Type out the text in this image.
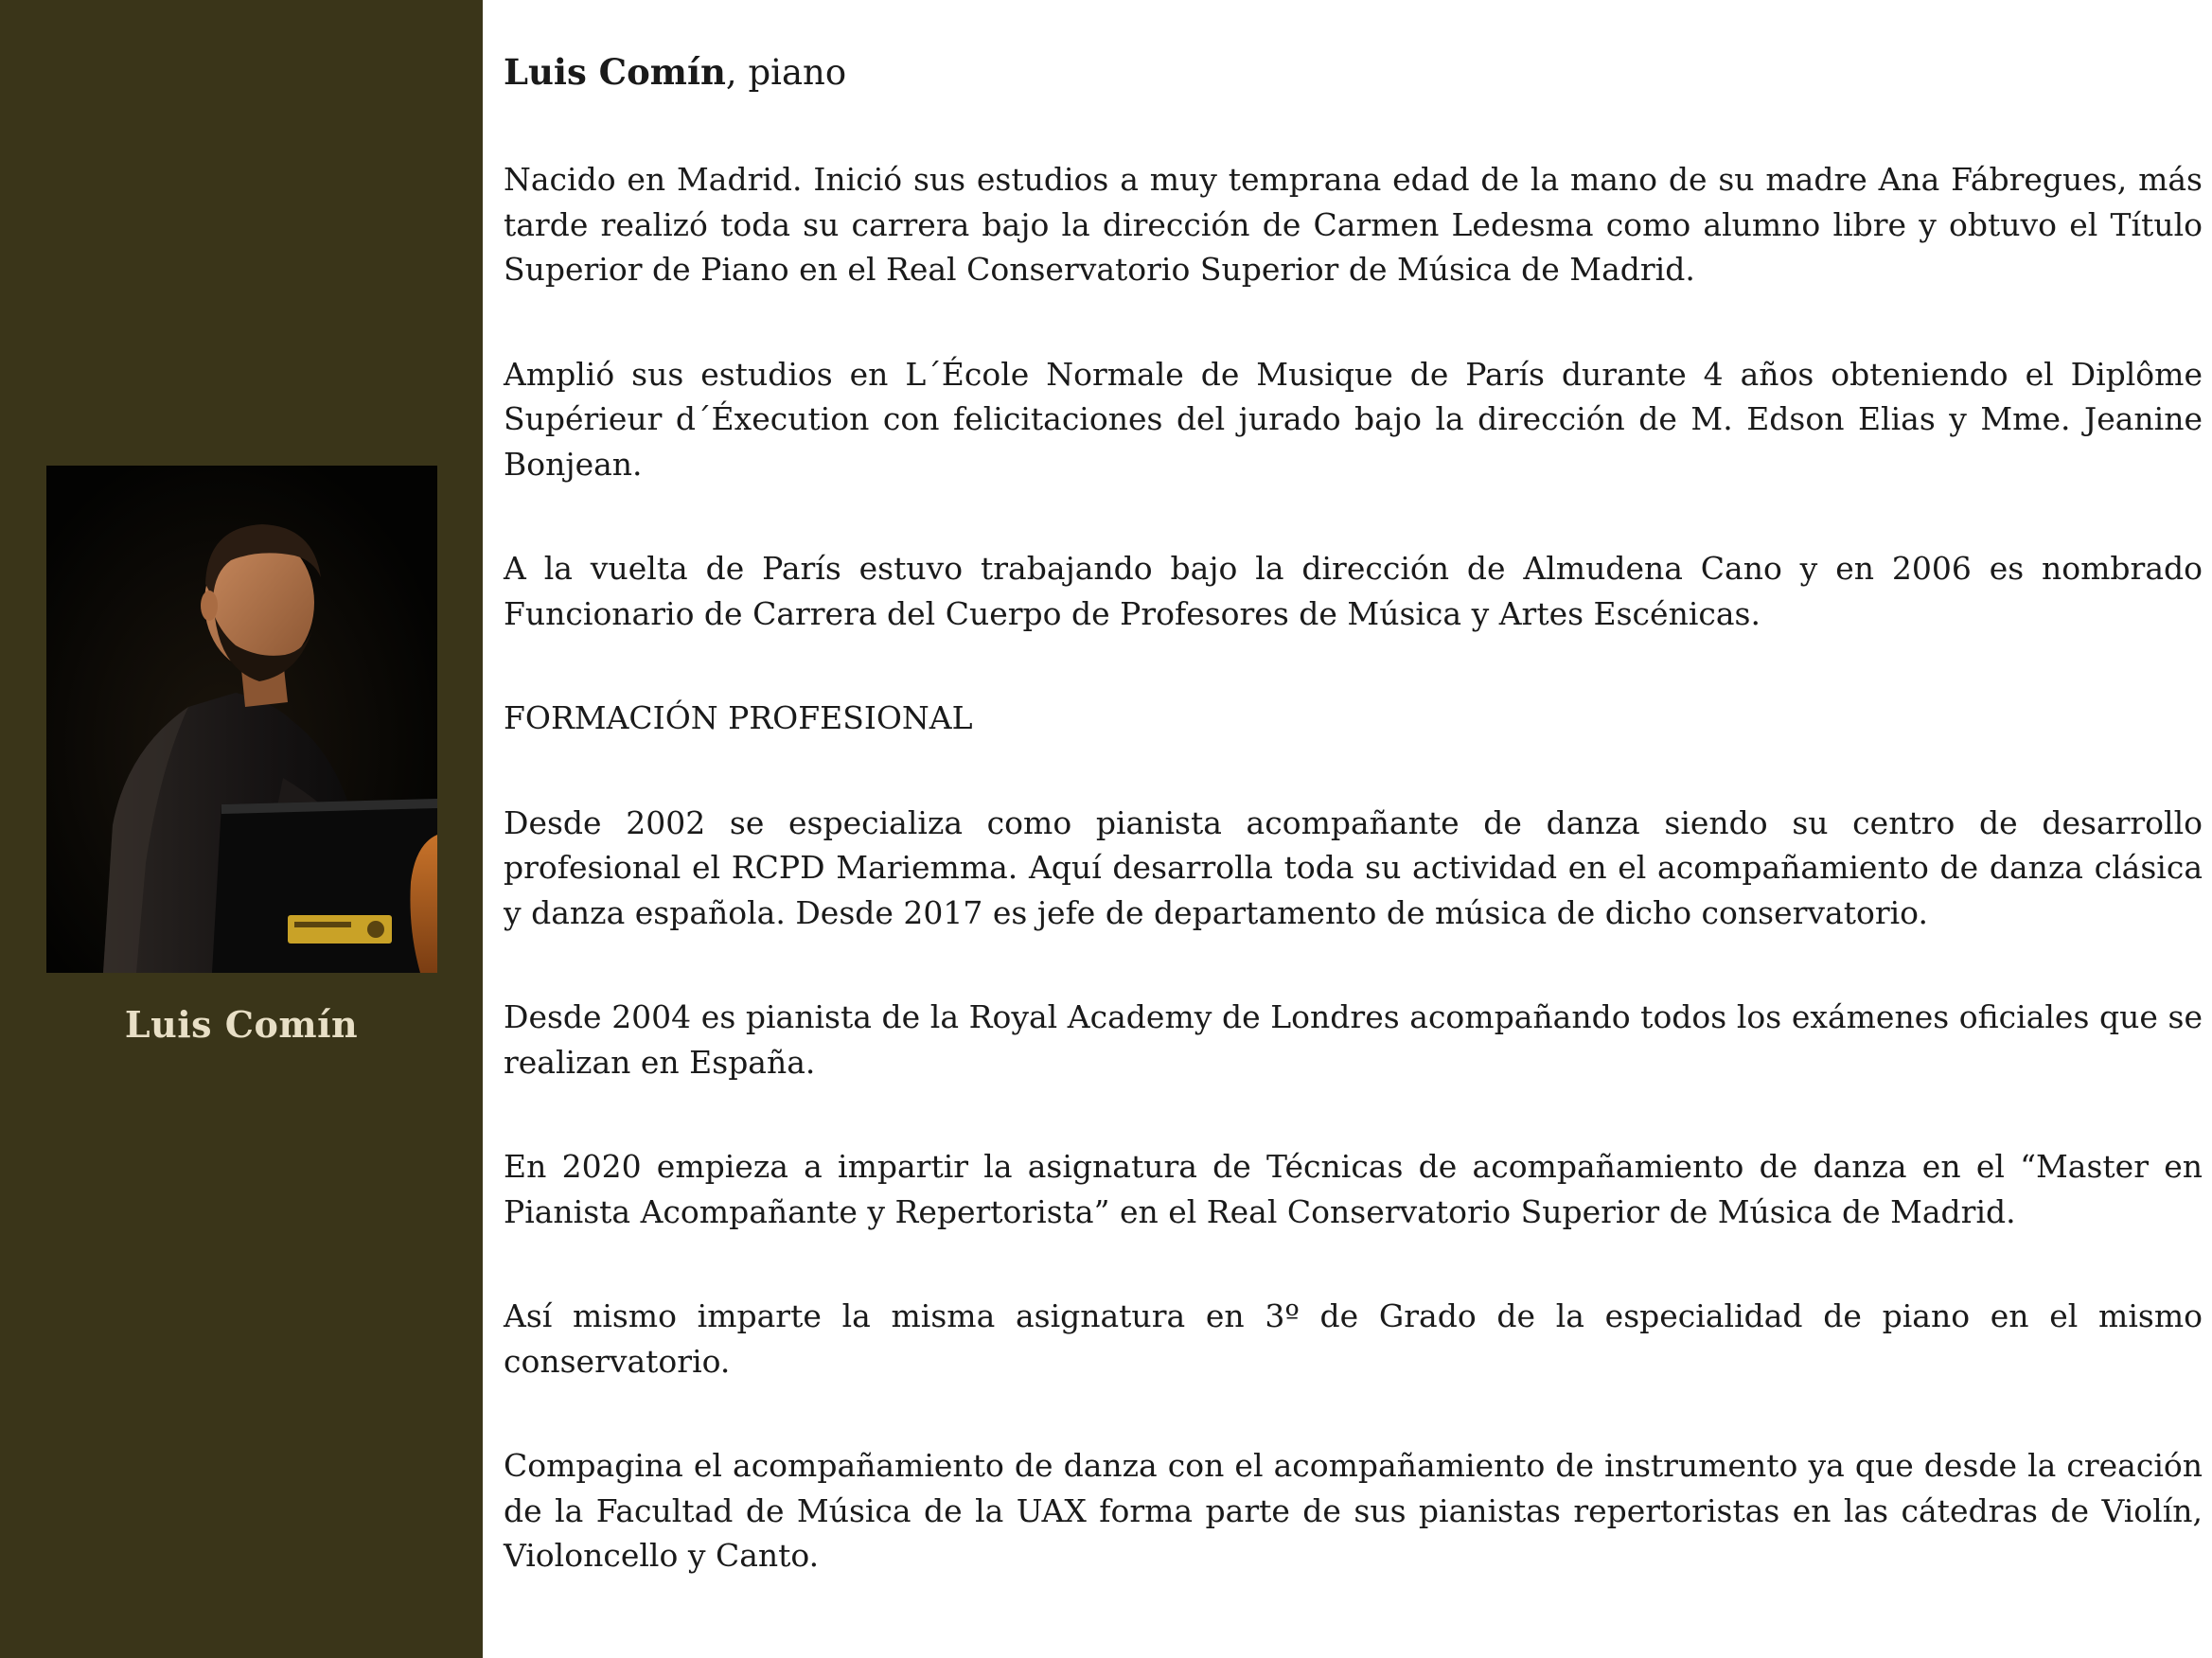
Luis Comín
Luis Comín, piano

Nacido en Madrid. Inició sus estudios a muy temprana edad de la mano de su madre Ana Fábregues, más tarde realizó toda su carrera bajo la dirección de Carmen Ledesma como alumno libre y obtuvo el Título Superior de Piano en el Real Conservatorio Superior de Música de Madrid.

Amplió sus estudios en L´École Normale de Musique de París durante 4 años obteniendo el Diplôme Supérieur d´Éxecution con felicitaciones del jurado bajo la dirección de M. Edson Elias y Mme. Jeanine Bonjean.

A la vuelta de París estuvo trabajando bajo la dirección de Almudena Cano y en 2006 es nombrado Funcionario de Carrera del Cuerpo de Profesores de Música y Artes Escénicas.

FORMACIÓN PROFESIONAL

Desde 2002 se especializa como pianista acompañante de danza siendo su centro de desarrollo profesional el RCPD Mariemma. Aquí desarrolla toda su actividad en el acompañamiento de danza clásica y danza española. Desde 2017 es jefe de departamento de música de dicho conservatorio.

Desde 2004 es pianista de la Royal Academy de Londres acompañando todos los exámenes oficiales que se realizan en España.

En 2020 empieza a impartir la asignatura de Técnicas de acompañamiento de danza en el “Master en Pianista Acompañante y Repertorista” en el Real Conservatorio Superior de Música de Madrid.

Así mismo imparte la misma asignatura en 3º de Grado de la especialidad de piano en el mismo conservatorio.

Compagina el acompañamiento de danza con el acompañamiento de instrumento ya que desde la creación de la Facultad de Música de la UAX forma parte de sus pianistas repertoristas en las cátedras de Violín, Violoncello y Canto.
